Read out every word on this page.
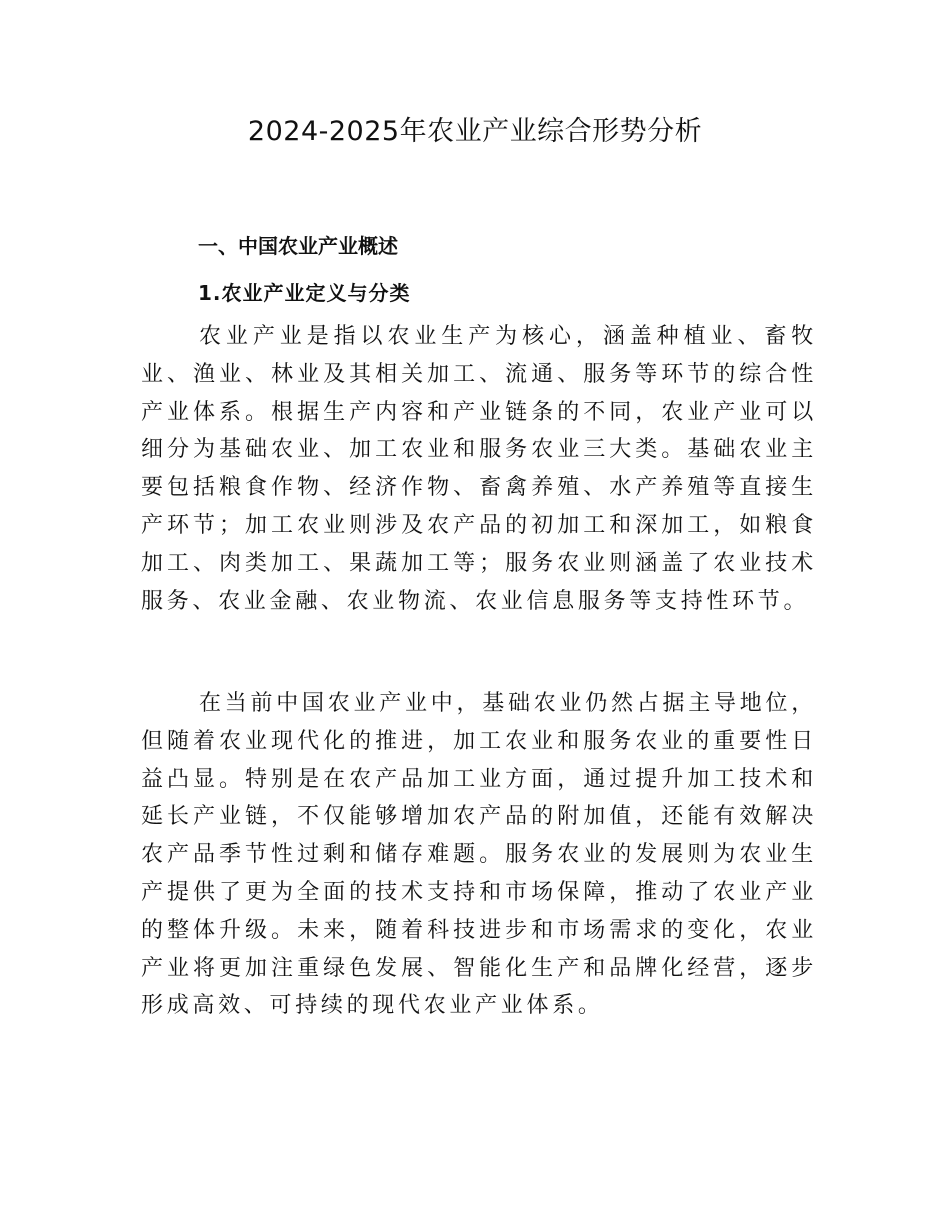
2024-2025年农业产业综合形势分析
一、中国农业产业概述
1.农业产业定义与分类

农业产业是指以农业生产为核心，涵盖种植业、畜牧业、渔业、林业及其相关加工、流通、服务等环节的综合性产业体系。根据生产内容和产业链条的不同，农业产业可以细分为基础农业、加工农业和服务农业三大类。基础农业主要包括粮食作物、经济作物、畜禽养殖、水产养殖等直接生产环节；加工农业则涉及农产品的初加工和深加工，如粮食加工、肉类加工、果蔬加工等；服务农业则涵盖了农业技术服务、农业金融、农业物流、农业信息服务等支持性环节。

在当前中国农业产业中，基础农业仍然占据主导地位，但随着农业现代化的推进，加工农业和服务农业的重要性日益凸显。特别是在农产品加工业方面，通过提升加工技术和延长产业链，不仅能够增加农产品的附加值，还能有效解决农产品季节性过剩和储存难题。服务农业的发展则为农业生产提供了更为全面的技术支持和市场保障，推动了农业产业的整体升级。未来，随着科技进步和市场需求的变化，农业产业将更加注重绿色发展、智能化生产和品牌化经营，逐步形成高效、可持续的现代农业产业体系。
